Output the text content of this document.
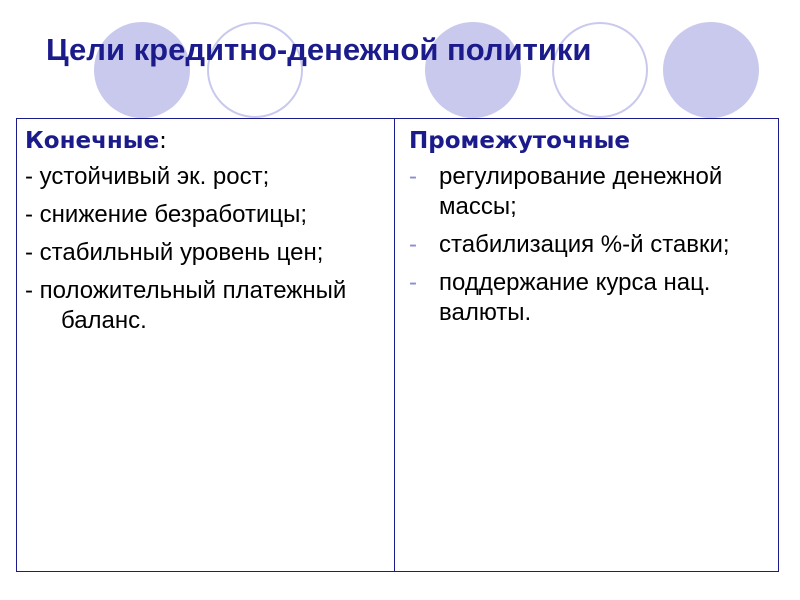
Цели кредитно-денежной политики
Конечные:
- устойчивый эк. рост;
- снижение безработицы;
- стабильный уровень цен;
- положительный платежный баланс.
Промежуточные
- регулирование денежной массы;
- стабилизация %-й ставки;
- поддержание курса нац. валюты.
